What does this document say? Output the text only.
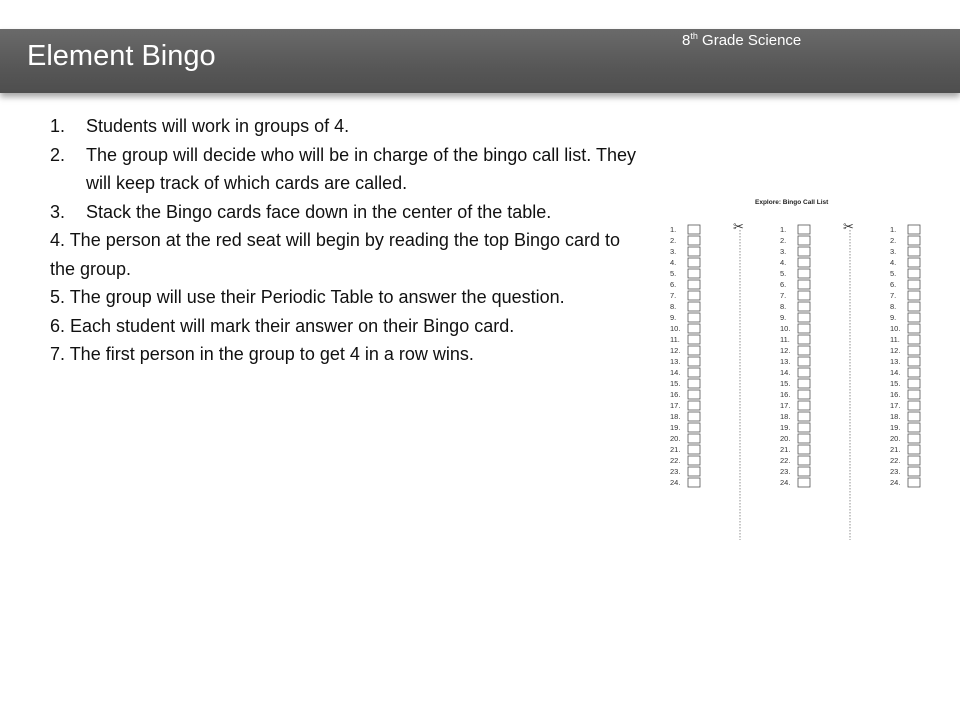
Element Bingo	8th Grade Science
1. Students will work in groups of 4.
2. The group will decide who will be in charge of the bingo call list. They will keep track of which cards are called.
3. Stack the Bingo cards face down in the center of the table.
4. The person at the red seat will begin by reading the top Bingo card to the group.
5. The group will use their Periodic Table to answer the question.
6. Each student will mark their answer on their Bingo card.
7. The first person in the group to get 4 in a row wins.
Explore: Bingo Call List
1.
2.
3.
4.
5.
6.
7.
8.
9.
10.
11.
12.
13.
14.
15.
16.
17.
18.
19.
20.
21.
22.
23.
24.
1.
2.
3.
4.
5.
6.
7.
8.
9.
10.
11.
12.
13.
14.
15.
16.
17.
18.
19.
20.
21.
22.
23.
24.
1.
2.
3.
4.
5.
6.
7.
8.
9.
10.
11.
12.
13.
14.
15.
16.
17.
18.
19.
20.
21.
22.
23.
24.
✂	✂
